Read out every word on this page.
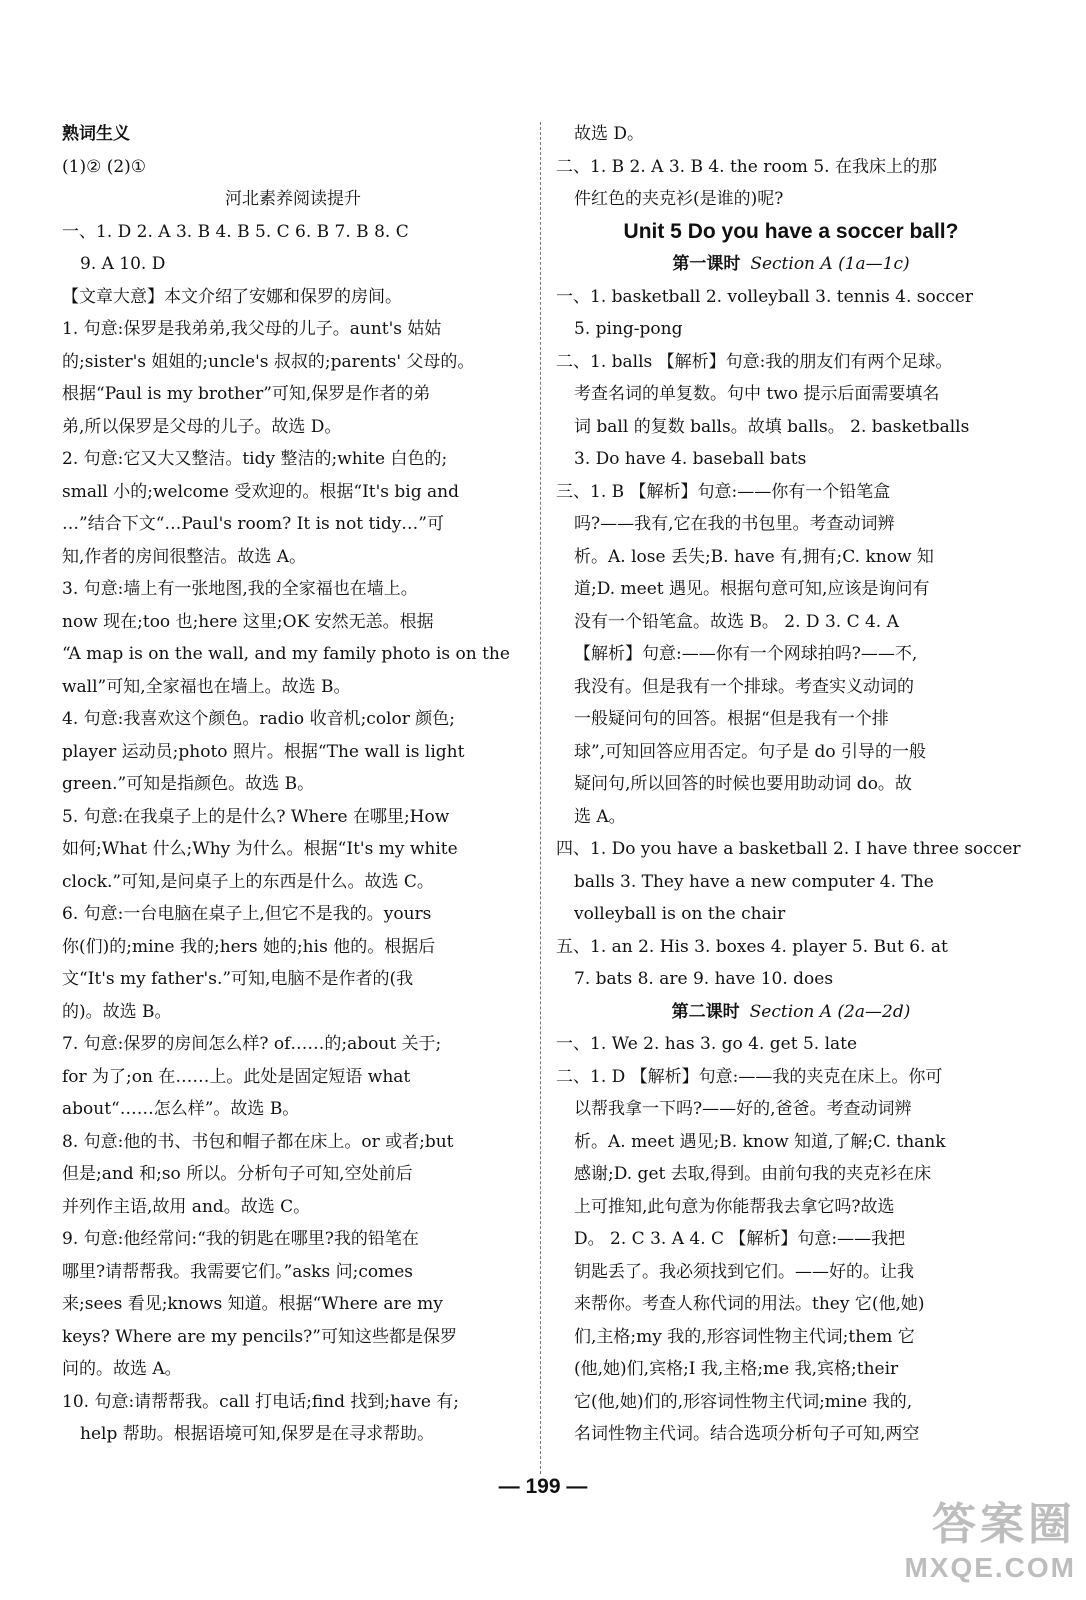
熟词生义
(1)② (2)①
河北素养阅读提升
一、1. D 2. A 3. B 4. B 5. C 6. B 7. B 8. C
9. A 10. D
【文章大意】本文介绍了安娜和保罗的房间。
1. 句意:保罗是我弟弟,我父母的儿子。aunt's 姑姑
的;sister's 姐姐的;uncle's 叔叔的;parents' 父母的。
根据“Paul is my brother”可知,保罗是作者的弟
弟,所以保罗是父母的儿子。故选 D。
2. 句意:它又大又整洁。tidy 整洁的;white 白色的;
small 小的;welcome 受欢迎的。根据“It's big and
…”结合下文“…Paul's room? It is not tidy…”可
知,作者的房间很整洁。故选 A。
3. 句意:墙上有一张地图,我的全家福也在墙上。
now 现在;too 也;here 这里;OK 安然无恙。根据
“A map is on the wall, and my family photo is on the
wall”可知,全家福也在墙上。故选 B。
4. 句意:我喜欢这个颜色。radio 收音机;color 颜色;
player 运动员;photo 照片。根据“The wall is light
green.”可知是指颜色。故选 B。
5. 句意:在我桌子上的是什么? Where 在哪里;How
如何;What 什么;Why 为什么。根据“It's my white
clock.”可知,是问桌子上的东西是什么。故选 C。
6. 句意:一台电脑在桌子上,但它不是我的。yours
你(们)的;mine 我的;hers 她的;his 他的。根据后
文“It's my father's.”可知,电脑不是作者的(我
的)。故选 B。
7. 句意:保罗的房间怎么样? of……的;about 关于;
for 为了;on 在……上。此处是固定短语 what
about“……怎么样”。故选 B。
8. 句意:他的书、书包和帽子都在床上。or 或者;but
但是;and 和;so 所以。分析句子可知,空处前后
并列作主语,故用 and。故选 C。
9. 句意:他经常问:“我的钥匙在哪里?我的铅笔在
哪里?请帮帮我。我需要它们。”asks 问;comes
来;sees 看见;knows 知道。根据“Where are my
keys? Where are my pencils?”可知这些都是保罗
问的。故选 A。
10. 句意:请帮帮我。call 打电话;find 找到;have 有;
help 帮助。根据语境可知,保罗是在寻求帮助。
故选 D。
二、1. B 2. A 3. B 4. the room 5. 在我床上的那
件红色的夹克衫(是谁的)呢?
Unit 5 Do you have a soccer ball?
第一课时 Section A (1a—1c)
一、1. basketball 2. volleyball 3. tennis 4. soccer
5. ping-pong
二、1. balls 【解析】句意:我的朋友们有两个足球。
考查名词的单复数。句中 two 提示后面需要填名
词 ball 的复数 balls。故填 balls。 2. basketballs
3. Do have 4. baseball bats
三、1. B 【解析】句意:——你有一个铅笔盒
吗?——我有,它在我的书包里。考查动词辨
析。A. lose 丢失;B. have 有,拥有;C. know 知
道;D. meet 遇见。根据句意可知,应该是询问有
没有一个铅笔盒。故选 B。 2. D 3. C 4. A
【解析】句意:——你有一个网球拍吗?——不,
我没有。但是我有一个排球。考查实义动词的
一般疑问句的回答。根据“但是我有一个排
球”,可知回答应用否定。句子是 do 引导的一般
疑问句,所以回答的时候也要用助动词 do。故
选 A。
四、1. Do you have a basketball 2. I have three soccer
balls 3. They have a new computer 4. The
volleyball is on the chair
五、1. an 2. His 3. boxes 4. player 5. But 6. at
7. bats 8. are 9. have 10. does
第二课时 Section A (2a—2d)
一、1. We 2. has 3. go 4. get 5. late
二、1. D 【解析】句意:——我的夹克在床上。你可
以帮我拿一下吗?——好的,爸爸。考查动词辨
析。A. meet 遇见;B. know 知道,了解;C. thank
感谢;D. get 去取,得到。由前句我的夹克衫在床
上可推知,此句意为你能帮我去拿它吗?故选
D。 2. C 3. A 4. C 【解析】句意:——我把
钥匙丢了。我必须找到它们。——好的。让我
来帮你。考查人称代词的用法。they 它(他,她)
们,主格;my 我的,形容词性物主代词;them 它
(他,她)们,宾格;I 我,主格;me 我,宾格;their
它(他,她)们的,形容词性物主代词;mine 我的,
名词性物主代词。结合选项分析句子可知,两空
— 199 —
答案圈
MXQE.COM
